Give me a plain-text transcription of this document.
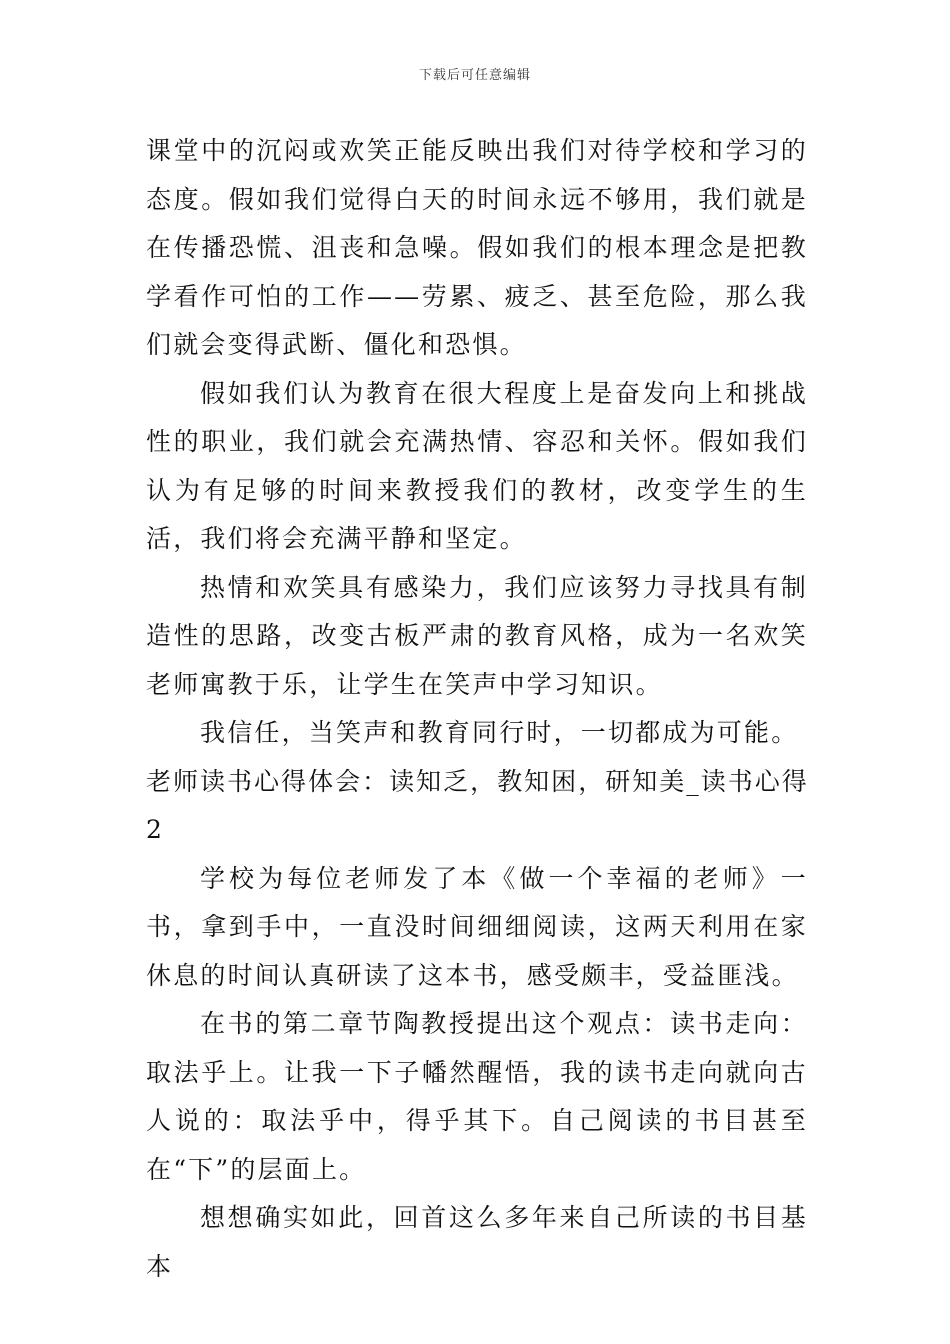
下载后可任意编辑

课堂中的沉闷或欢笑正能反映出我们对待学校和学习的态度。假如我们觉得白天的时间永远不够用，我们就是在传播恐慌、沮丧和急噪。假如我们的根本理念是把教学看作可怕的工作——劳累、疲乏、甚至危险，那么我们就会变得武断、僵化和恐惧。

假如我们认为教育在很大程度上是奋发向上和挑战性的职业，我们就会充满热情、容忍和关怀。假如我们认为有足够的时间来教授我们的教材，改变学生的生活，我们将会充满平静和坚定。

热情和欢笑具有感染力，我们应该努力寻找具有制造性的思路，改变古板严肃的教育风格，成为一名欢笑老师寓教于乐，让学生在笑声中学习知识。

我信任，当笑声和教育同行时，一切都成为可能。

老师读书心得体会：读知乏，教知困，研知美_读书心得 2

学校为每位老师发了本《做一个幸福的老师》一书，拿到手中，一直没时间细细阅读，这两天利用在家休息的时间认真研读了这本书，感受颇丰，受益匪浅。

在书的第二章节陶教授提出这个观点：读书走向：取法乎上。让我一下子幡然醒悟，我的读书走向就向古人说的：取法乎中，得乎其下。自己阅读的书目甚至在“下”的层面上。

想想确实如此，回首这么多年来自己所读的书目基本
